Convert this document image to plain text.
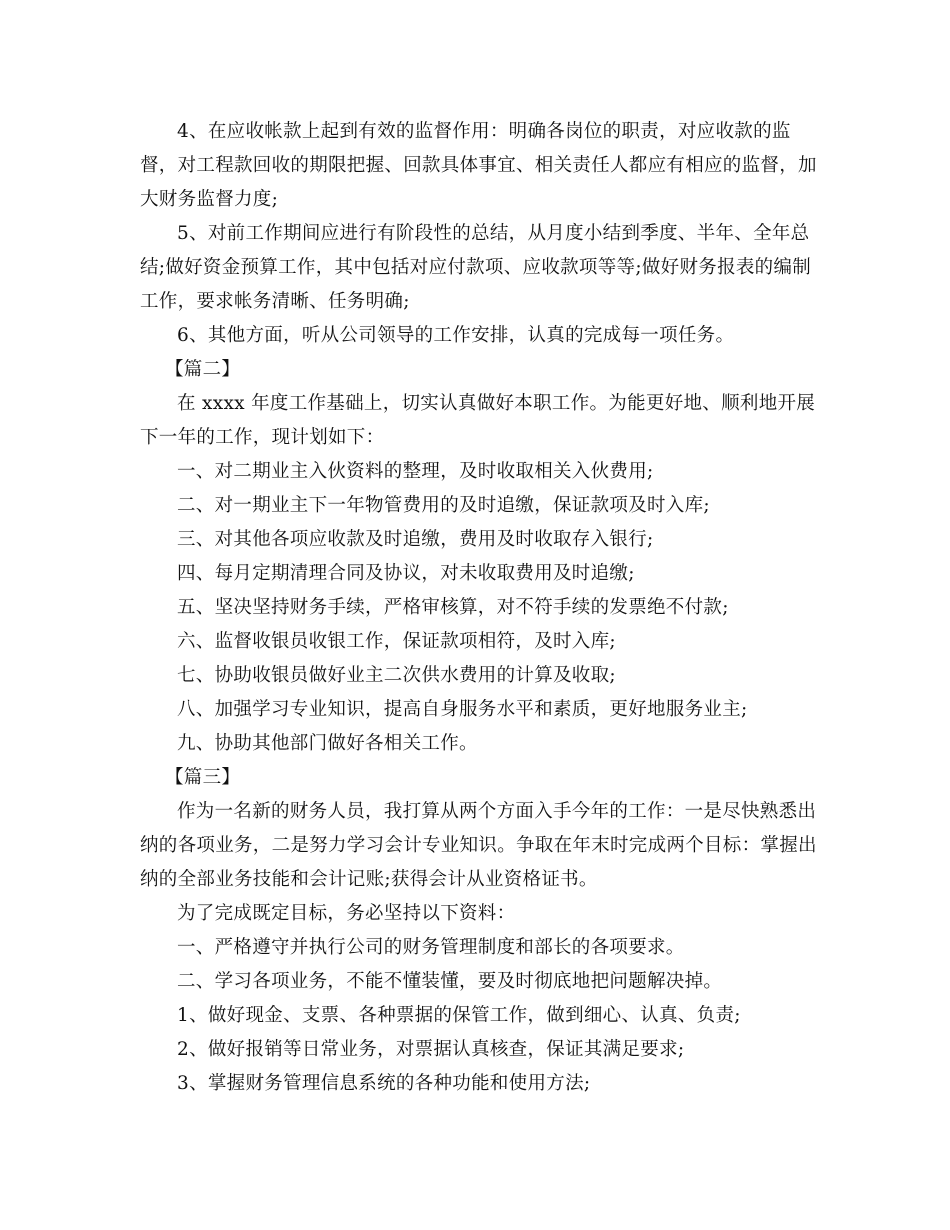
4、在应收帐款上起到有效的监督作用：明确各岗位的职责，对应收款的监督，对工程款回收的期限把握、回款具体事宜、相关责任人都应有相应的监督，加大财务监督力度;

5、对前工作期间应进行有阶段性的总结，从月度小结到季度、半年、全年总结;做好资金预算工作，其中包括对应付款项、应收款项等等;做好财务报表的编制工作，要求帐务清晰、任务明确;

6、其他方面，听从公司领导的工作安排，认真的完成每一项任务。

【篇二】

在 xxxx 年度工作基础上，切实认真做好本职工作。为能更好地、顺利地开展下一年的工作，现计划如下：

一、对二期业主入伙资料的整理，及时收取相关入伙费用;

二、对一期业主下一年物管费用的及时追缴，保证款项及时入库;

三、对其他各项应收款及时追缴，费用及时收取存入银行;

四、每月定期清理合同及协议，对未收取费用及时追缴;

五、坚决坚持财务手续，严格审核算，对不符手续的发票绝不付款;

六、监督收银员收银工作，保证款项相符，及时入库;

七、协助收银员做好业主二次供水费用的计算及收取;

八、加强学习专业知识，提高自身服务水平和素质，更好地服务业主;

九、协助其他部门做好各相关工作。

【篇三】

作为一名新的财务人员，我打算从两个方面入手今年的工作：一是尽快熟悉出纳的各项业务，二是努力学习会计专业知识。争取在年末时完成两个目标：掌握出纳的全部业务技能和会计记账;获得会计从业资格证书。

为了完成既定目标，务必坚持以下资料：

一、严格遵守并执行公司的财务管理制度和部长的各项要求。

二、学习各项业务，不能不懂装懂，要及时彻底地把问题解决掉。

1、做好现金、支票、各种票据的保管工作，做到细心、认真、负责;

2、做好报销等日常业务，对票据认真核查，保证其满足要求;

3、掌握财务管理信息系统的各种功能和使用方法;
